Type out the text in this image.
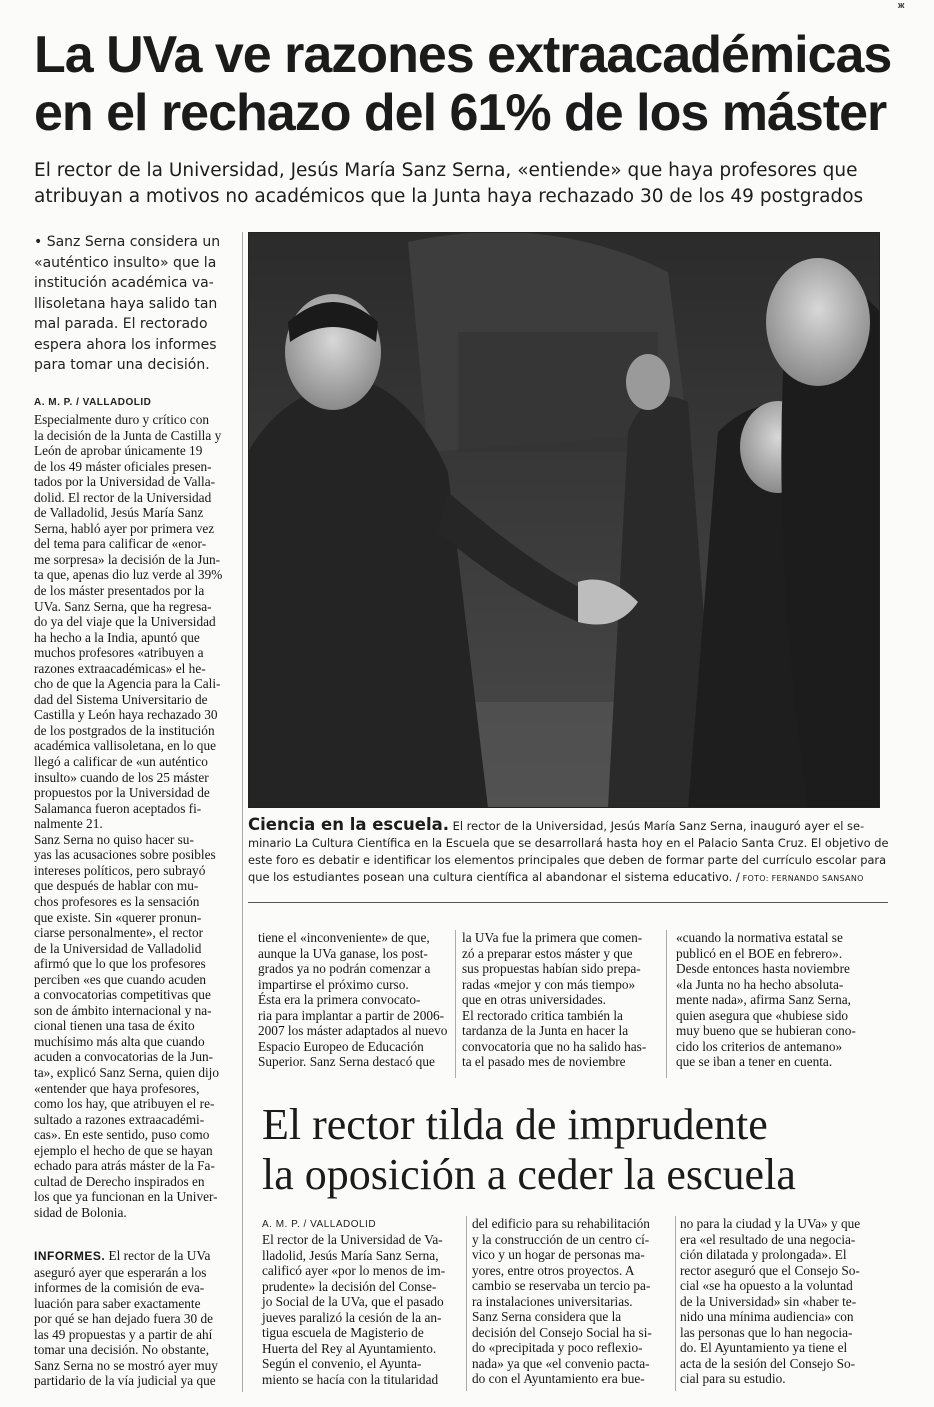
ж
La UVa ve razones extraacadémicas
en el rechazo del 61% de los máster
El rector de la Universidad, Jesús María Sanz Serna, «entiende» que haya profesores que
atribuyan a motivos no académicos que la Junta haya rechazado 30 de los 49 postgrados
• Sanz Serna considera un
«auténtico insulto» que la
institución académica va-
llisoletana haya salido tan
mal parada. El rectorado
espera ahora los informes
para tomar una decisión.
A. M. P. / VALLADOLID
Especialmente duro y crítico con
la decisión de la Junta de Castilla y
León de aprobar únicamente 19
de los 49 máster oficiales presen-
tados por la Universidad de Valla-
dolid. El rector de la Universidad
de Valladolid, Jesús María Sanz
Serna, habló ayer por primera vez
del tema para calificar de «enor-
me sorpresa» la decisión de la Jun-
ta que, apenas dio luz verde al 39%
de los máster presentados por la
UVa. Sanz Serna, que ha regresa-
do ya del viaje que la Universidad
ha hecho a la India, apuntó que
muchos profesores «atribuyen a
razones extraacadémicas» el he-
cho de que la Agencia para la Cali-
dad del Sistema Universitario de
Castilla y León haya rechazado 30
de los postgrados de la institución
académica vallisoletana, en lo que
llegó a calificar de «un auténtico
insulto» cuando de los 25 máster
propuestos por la Universidad de
Salamanca fueron aceptados fi-
nalmente 21.
Sanz Serna no quiso hacer su-
yas las acusaciones sobre posibles
intereses políticos, pero subrayó
que después de hablar con mu-
chos profesores es la sensación
que existe. Sin «querer pronun-
ciarse personalmente», el rector
de la Universidad de Valladolid
afirmó que lo que los profesores
perciben «es que cuando acuden
a convocatorias competitivas que
son de ámbito internacional y na-
cional tienen una tasa de éxito
muchísimo más alta que cuando
acuden a convocatorias de la Jun-
ta», explicó Sanz Serna, quien dijo
«entender que haya profesores,
como los hay, que atribuyen el re-
sultado a razones extraacadémi-
cas». En este sentido, puso como
ejemplo el hecho de que se hayan
echado para atrás máster de la Fa-
cultad de Derecho inspirados en
los que ya funcionan en la Univer-
sidad de Bolonia.
INFORMES. El rector de la UVa
aseguró ayer que esperarán a los
informes de la comisión de eva-
luación para saber exactamente
por qué se han dejado fuera 30 de
las 49 propuestas y a partir de ahí
tomar una decisión. No obstante,
Sanz Serna no se mostró ayer muy
partidario de la vía judicial ya que
Ciencia en la escuela. El rector de la Universidad, Jesús María Sanz Serna, inauguró ayer el se-
minario La Cultura Científica en la Escuela que se desarrollará hasta hoy en el Palacio Santa Cruz. El objetivo de
este foro es debatir e identificar los elementos principales que deben de formar parte del currículo escolar para
que los estudiantes posean una cultura científica al abandonar el sistema educativo. / FOTO: FERNANDO SANSANO
tiene el «inconveniente» de que,
aunque la UVa ganase, los post-
grados ya no podrán comenzar a
impartirse el próximo curso.
Ésta era la primera convocato-
ria para implantar a partir de 2006-
2007 los máster adaptados al nuevo
Espacio Europeo de Educación
Superior. Sanz Serna destacó que
la UVa fue la primera que comen-
zó a preparar estos máster y que
sus propuestas habían sido prepa-
radas «mejor y con más tiempo»
que en otras universidades.
El rectorado critica también la
tardanza de la Junta en hacer la
convocatoria que no ha salido has-
ta el pasado mes de noviembre
«cuando la normativa estatal se
publicó en el BOE en febrero».
Desde entonces hasta noviembre
«la Junta no ha hecho absoluta-
mente nada», afirma Sanz Serna,
quien asegura que «hubiese sido
muy bueno que se hubieran cono-
cido los criterios de antemano»
que se iban a tener en cuenta.
El rector tilda de imprudente
la oposición a ceder la escuela
A. M. P. / VALLADOLID
El rector de la Universidad de Va-
lladolid, Jesús María Sanz Serna,
calificó ayer «por lo menos de im-
prudente» la decisión del Conse-
jo Social de la UVa, que el pasado
jueves paralizó la cesión de la an-
tigua escuela de Magisterio de
Huerta del Rey al Ayuntamiento.
Según el convenio, el Ayunta-
miento se hacía con la titularidad
del edificio para su rehabilitación
y la construcción de un centro cí-
vico y un hogar de personas ma-
yores, entre otros proyectos. A
cambio se reservaba un tercio pa-
ra instalaciones universitarias.
Sanz Serna considera que la
decisión del Consejo Social ha si-
do «precipitada y poco reflexio-
nada» ya que «el convenio pacta-
do con el Ayuntamiento era bue-
no para la ciudad y la UVa» y que
era «el resultado de una negocia-
ción dilatada y prolongada». El
rector aseguró que el Consejo So-
cial «se ha opuesto a la voluntad
de la Universidad» sin «haber te-
nido una mínima audiencia» con
las personas que lo han negocia-
do. El Ayuntamiento ya tiene el
acta de la sesión del Consejo So-
cial para su estudio.
